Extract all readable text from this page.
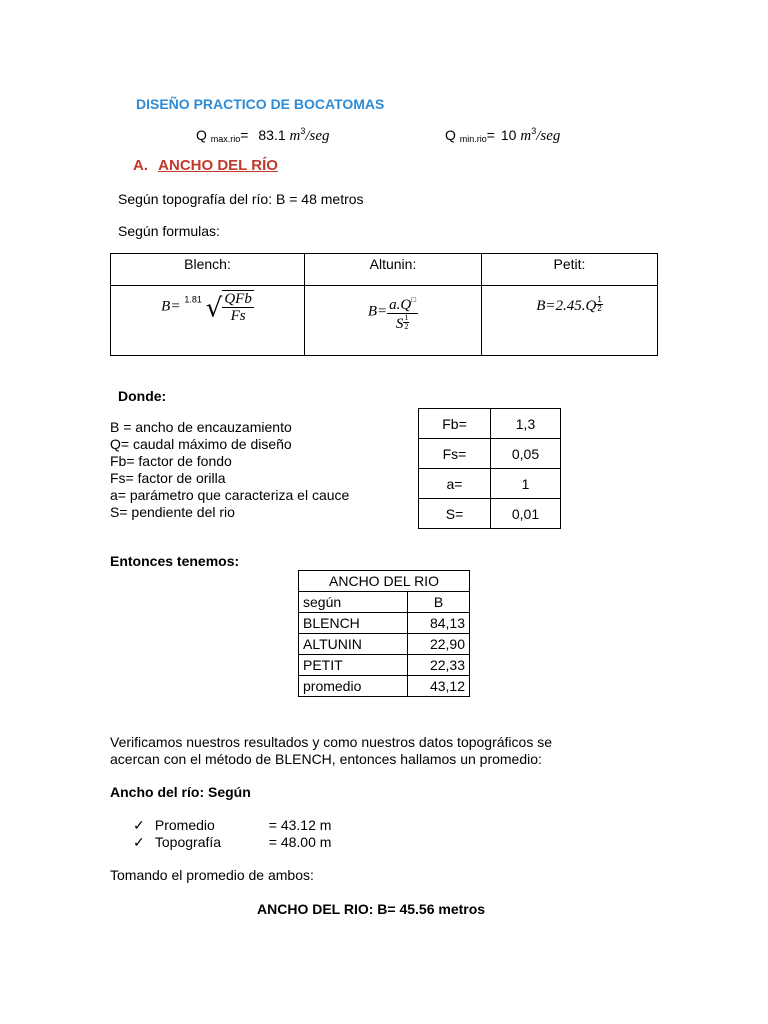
DISEÑO PRACTICO DE BOCATOMAS
Q $_{max.rio}$= 83.1 $m^3$/seg	Q $_{min.rio}$= 10 $m^3$/seg
A. ANCHO DEL RÍO
Según topografía del río: B = 48 metros
Según formulas:
Blench:	Altunin:	Petit:
B= $^{1.81}$ √ $\frac{\text{QFb}}{Fs}$	$B= \frac{a.Q^□}{S \frac{1}{2}}$	$B=2.45.Q \frac{1}{2}$
Donde:
B = ancho de encauzamiento
Q= caudal máximo de diseño
Fb= factor de fondo
Fs= factor de orilla
a= parámetro que caracteriza el cauce
S= pendiente del rio
Fb=	1,3
Fs=	0,05
a=	1
S=	0,01
Entonces tenemos:
ANCHO DEL RIO	
según	B
BLENCH	84,13
ALTUNIN	22,90
PETIT	22,33
promedio	43,12
Verificamos nuestros resultados y como nuestros datos topográficos se
acercan con el método de BLENCH, entonces hallamos un promedio:
Ancho del río: Según
✓ Promedio	= 43.12 m
✓ Topografía	= 48.00 m
Tomando el promedio de ambos:
ANCHO DEL RIO: B= 45.56 metros
